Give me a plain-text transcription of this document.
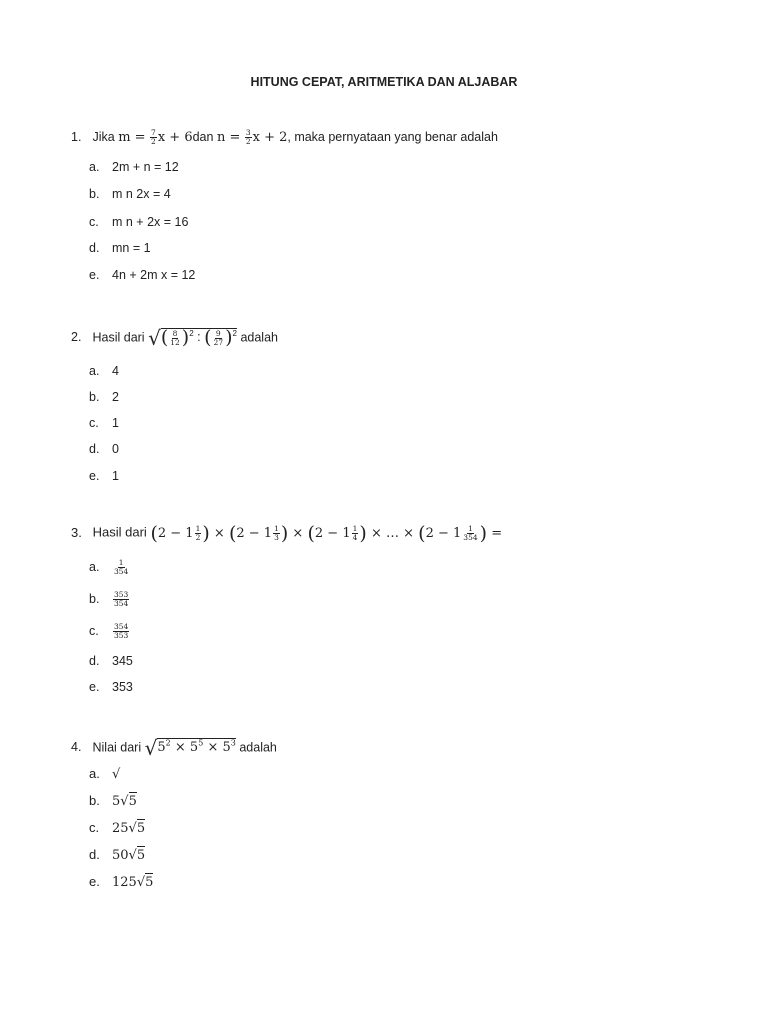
HITUNG CEPAT, ARITMETIKA DAN ALJABAR
1. Jika $m = \frac{7}{2}$ x + 6dan $n = \frac{3}{2}$ x + 2, maka pernyataan yang benar adalah
a. 2m + n = 12
b. m n 2x = 4
c. m n + 2x = 16
d. mn = 1
e. 4n + 2m x = 12
2. Hasil dari √( $\frac{8}{12} )^2$ : ( $\frac{9}{27} )^2$ adalah
a. 4
b. 2
c. 1
d. 0
e. 1
3. Hasil dari ($2 - 1 \frac{1}{2}$ ) × ($2 - 1 \frac{1}{3}$ ) × ($2 - 1 \frac{1}{4}$ ) × … × ($2 - 1 \frac{1}{354}$ ) =
a. $\frac{1}{354}$
b. $\frac{353}{354}$
c. $\frac{354}{353}$
d. 345
e. 353
4. Nilai dari $√5^2 \times 5^5 \times 5^3$ adalah
a. √
b. 5√5
c. 25√5
d. 50√5
e. 125√5
